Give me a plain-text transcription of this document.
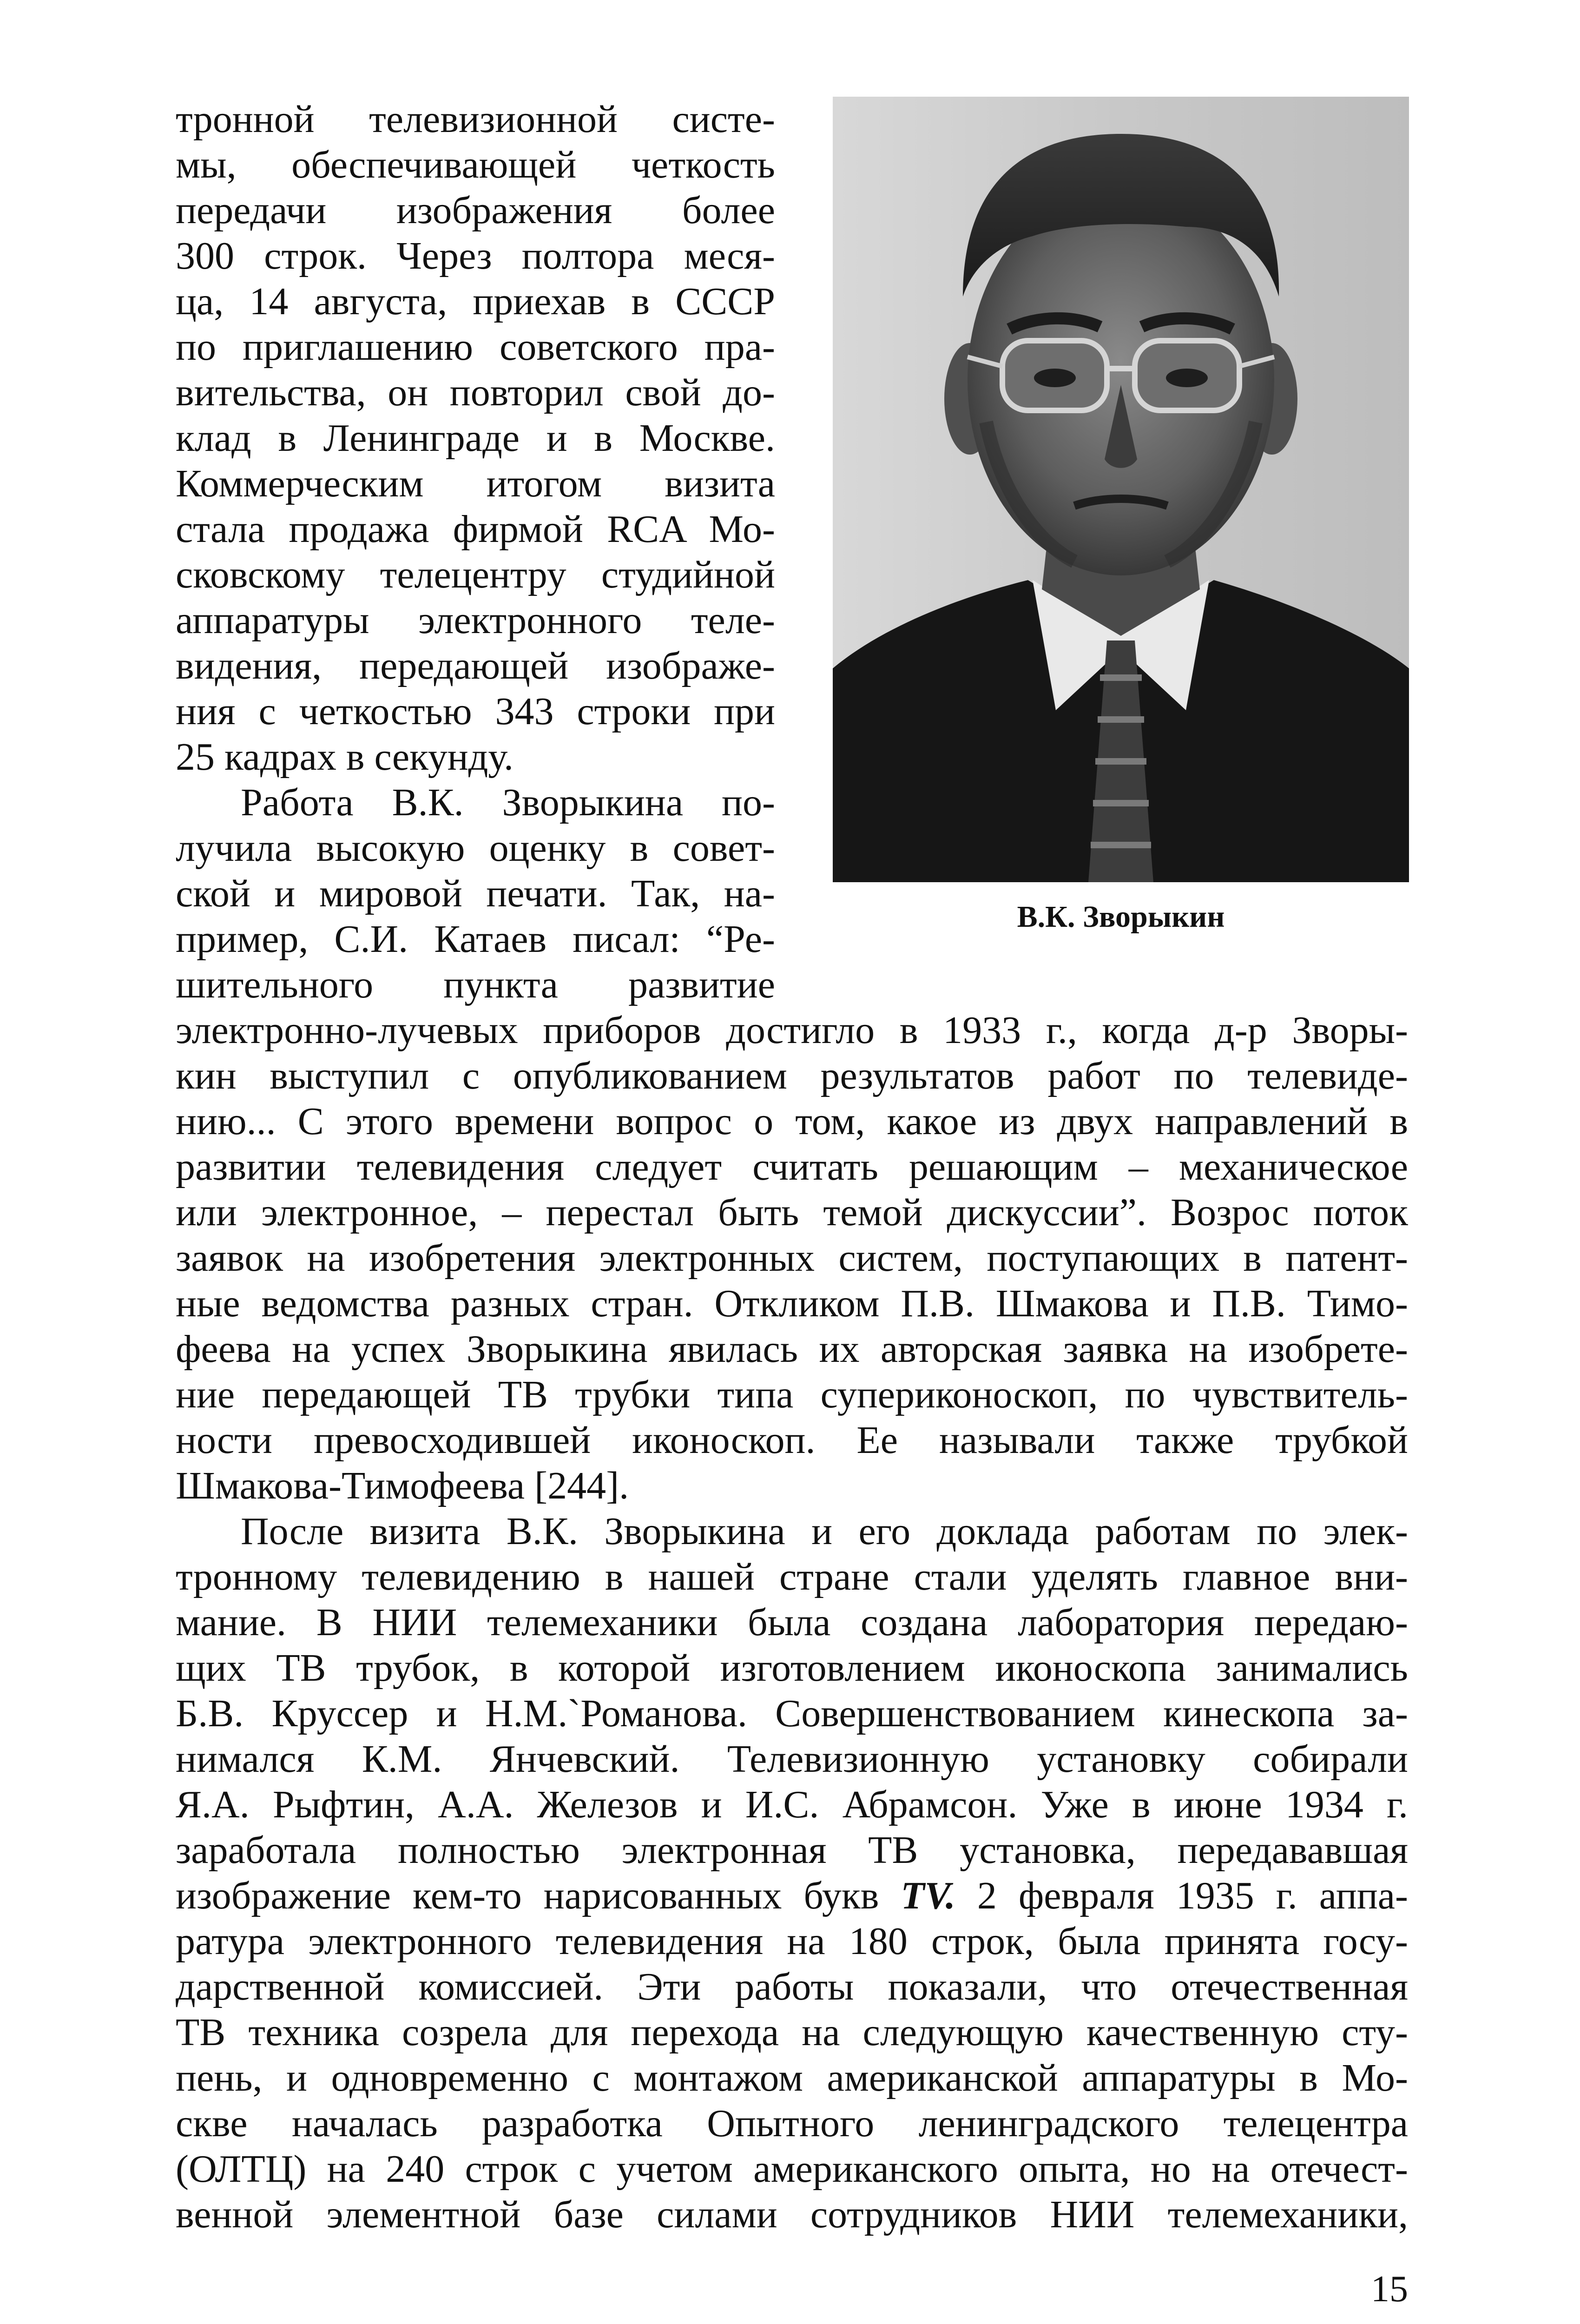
тронной телевизионной систе-
мы, обеспечивающей четкость
передачи изображения более
300 строк. Через полтора меся-
ца, 14 августа, приехав в СССР
по приглашению советского пра-
вительства, он повторил свой до-
клад в Ленинграде и в Москве.
Коммерческим итогом визита
стала продажа фирмой RCA Мо-
сковскому телецентру студийной
аппаратуры электронного теле-
видения, передающей изображе-
ния с четкостью 343 строки при
25 кадрах в секунду.
Работа В.К. Зворыкина по-
лучила высокую оценку в совет-
ской и мировой печати. Так, на-
пример, С.И. Катаев писал: “Ре-
шительного пункта развитие
электронно-лучевых приборов достигло в 1933 г., когда д-р Зворы-
кин выступил с опубликованием результатов работ по телевиде-
нию... С этого времени вопрос о том, какое из двух направлений в
развитии телевидения следует считать решающим – механическое
или электронное, – перестал быть темой дискуссии”. Возрос поток
заявок на изобретения электронных систем, поступающих в патент-
ные ведомства разных стран. Откликом П.В. Шмакова и П.В. Тимо-
феева на успех Зворыкина явилась их авторская заявка на изобрете-
ние передающей ТВ трубки типа супериконоскоп, по чувствитель-
ности превосходившей иконоскоп. Ее называли также трубкой
Шмакова-Тимофеева [244].
После визита В.К. Зворыкина и его доклада работам по элек-
тронному телевидению в нашей стране стали уделять главное вни-
мание. В НИИ телемеханики была создана лаборатория передаю-
щих ТВ трубок, в которой изготовлением иконоскопа занимались
Б.В. Круссер и Н.М.`Романова. Совершенствованием кинескопа за-
нимался К.М. Янчевский. Телевизионную установку собирали
Я.А. Рыфтин, А.А. Железов и И.С. Абрамсон. Уже в июне 1934 г.
заработала полностью электронная ТВ установка, передававшая
изображение кем-то нарисованных букв TV. 2 февраля 1935 г. аппа-
ратура электронного телевидения на 180 строк, была принята госу-
дарственной комиссией. Эти работы показали, что отечественная
ТВ техника созрела для перехода на следующую качественную сту-
пень, и одновременно с монтажом американской аппаратуры в Мо-
скве началась разработка Опытного ленинградского телецентра
(ОЛТЦ) на 240 строк с учетом американского опыта, но на отечест-
венной элементной базе силами сотрудников НИИ телемеханики,
В.К. Зворыкин
15
